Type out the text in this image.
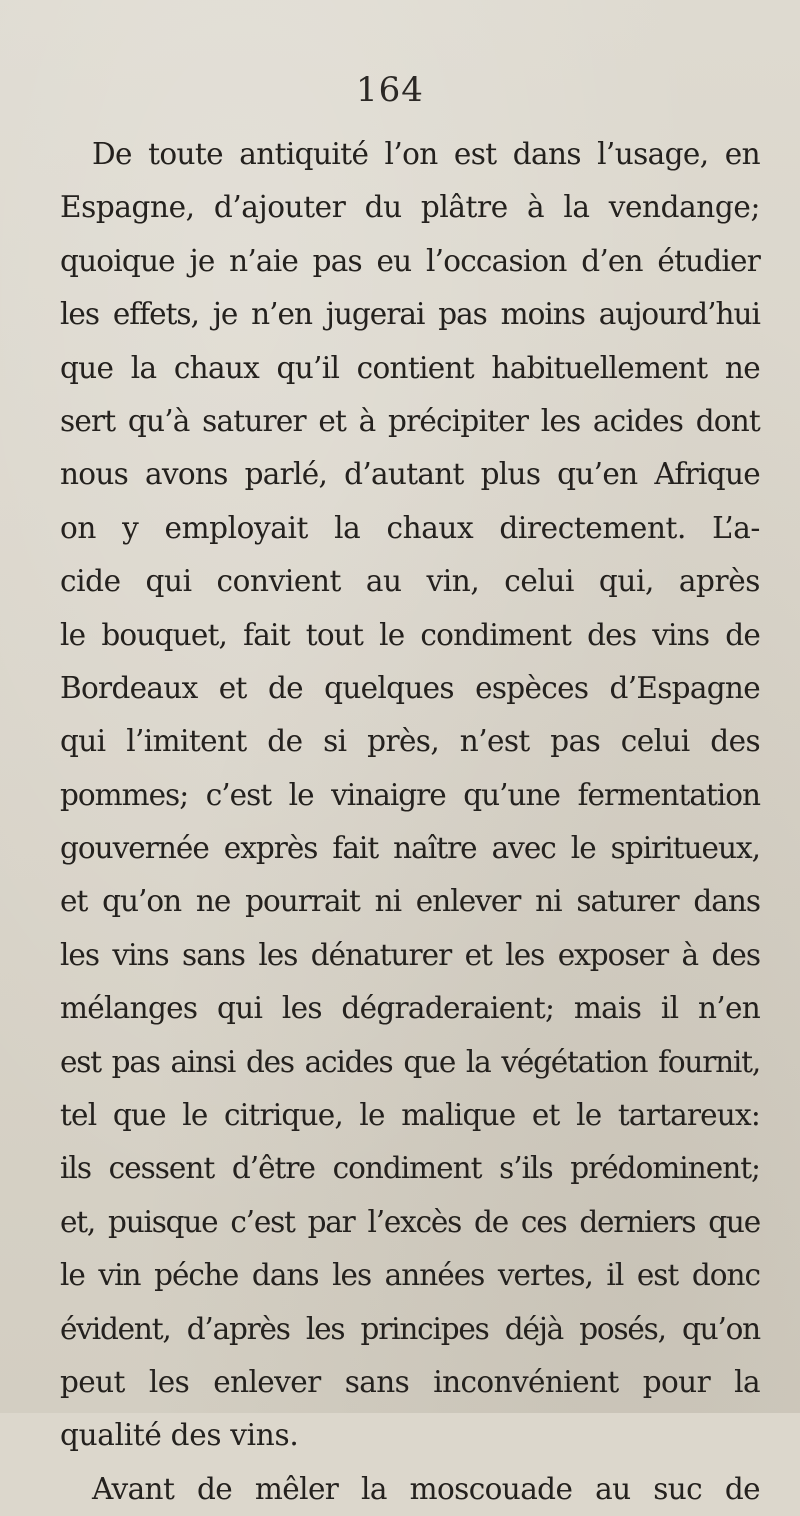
164
De toute antiquité l’on est dans l’usage, en
Espagne, d’ajouter du plâtre à la vendange;
quoique je n’aie pas eu l’occasion d’en étudier
les effets, je n’en jugerai pas moins aujourd’hui
que la chaux qu’il contient habituellement ne
sert qu’à saturer et à précipiter les acides dont
nous avons parlé, d’autant plus qu’en Afrique
on y employait la chaux directement. L’a-
cide qui convient au vin, celui qui, après
le bouquet, fait tout le condiment des vins de
Bordeaux et de quelques espèces d’Espagne
qui l’imitent de si près, n’est pas celui des
pommes; c’est le vinaigre qu’une fermentation
gouvernée exprès fait naître avec le spiritueux,
et qu’on ne pourrait ni enlever ni saturer dans
les vins sans les dénaturer et les exposer à des
mélanges qui les dégraderaient; mais il n’en
est pas ainsi des acides que la végétation fournit,
tel que le citrique, le malique et le tartareux:
ils cessent d’être condiment s’ils prédominent;
et, puisque c’est par l’excès de ces derniers que
le vin péche dans les années vertes, il est donc
évident, d’après les principes déjà posés, qu’on
peut les enlever sans inconvénient pour la
qualité des vins.
Avant de mêler la moscouade au suc de
